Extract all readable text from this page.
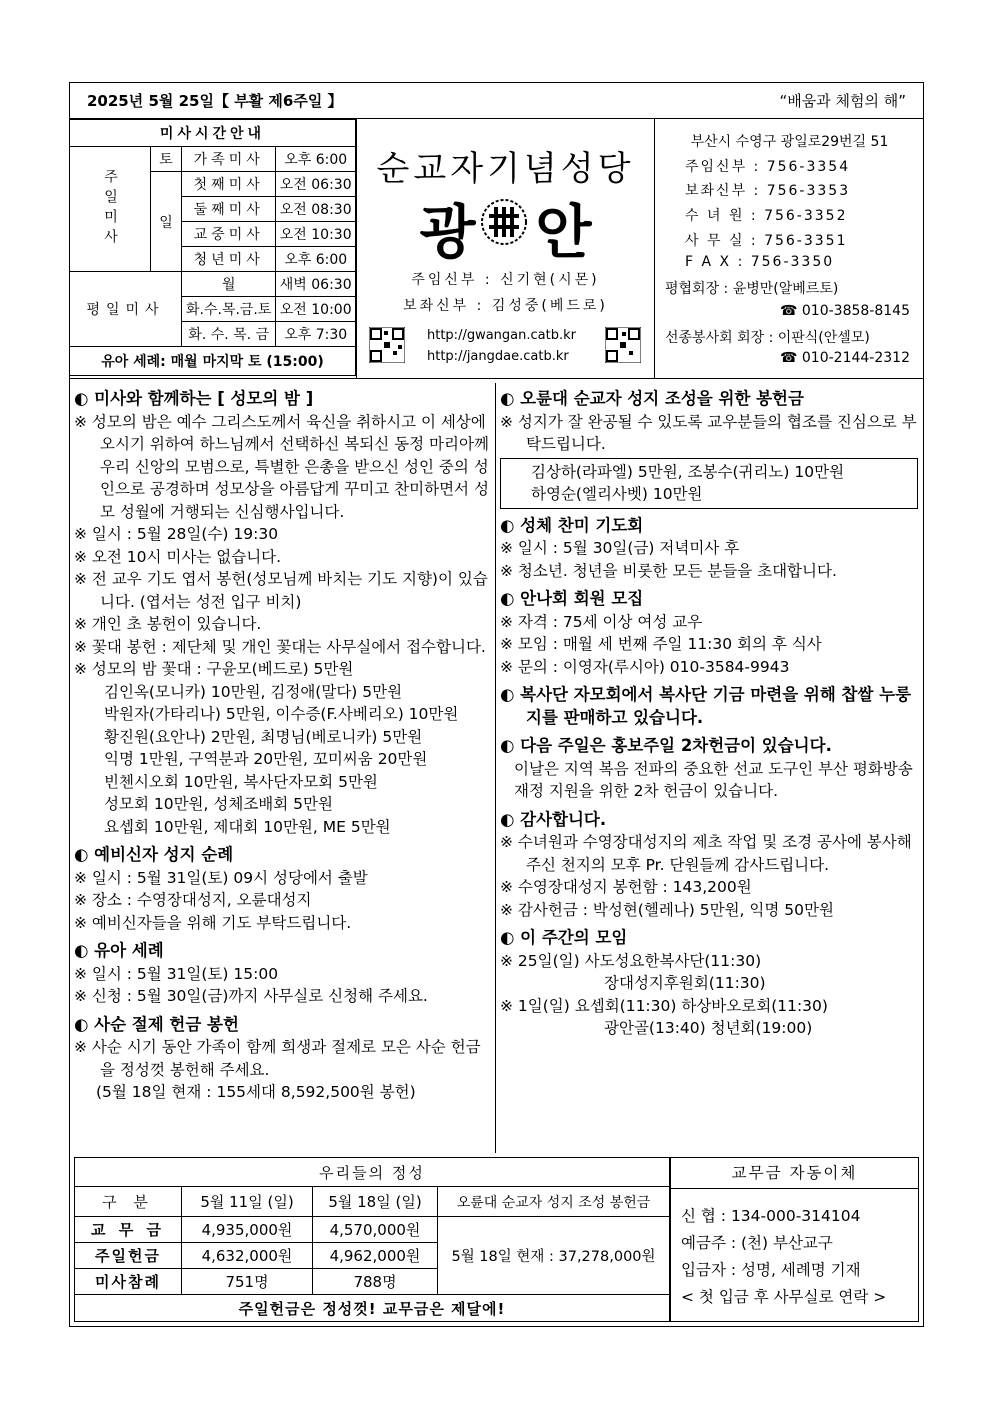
2025년 5월 25일【 부활 제6주일 】	“배움과 체험의 해”
미사시간안내			
주일미사	토	가족미사	오후 6:00
	일	첫째미사	오전 06:30
		둘째미사	오전 08:30
		교중미사	오전 10:30
		청년미사	오후 6:00
평일미사		월	새벽 06:30
		화.수.목.금.토	오전 10:00
		화. 수. 목. 금	오후 7:30
유아 세례: 매월 마지막 토 (15:00)			
순교자기념성당
광 안
주임신부 : 신기현(시몬)
보좌신부 : 김성중(베드로)
http://gwangan.catb.kr
http://jangdae.catb.kr
부산시 수영구 광일로29번길 51
주임신부 : 756-3354
보좌신부 : 756-3353
수 녀 원 : 756-3352
사 무 실 : 756-3351
F A X : 756-3350
평협회장 : 윤병만(알베르토)
☎ 010-3858-8145
선종봉사회 회장 : 이판식(안셀모)
☎ 010-2144-2312
◐ 미사와 함께하는 [ 성모의 밤 ]
※ 성모의 밤은 예수 그리스도께서 육신을 취하시고 이 세상에 오시기 위하여 하느님께서 선택하신 복되신 동정 마리아께 우리 신앙의 모범으로, 특별한 은총을 받으신 성인 중의 성인으로 공경하며 성모상을 아름답게 꾸미고 찬미하면서 성모 성월에 거행되는 신심행사입니다.
※ 일시 : 5월 28일(수) 19:30
※ 오전 10시 미사는 없습니다.
※ 전 교우 기도 엽서 봉헌(성모님께 바치는 기도 지향)이 있습니다. (엽서는 성전 입구 비치)
※ 개인 초 봉헌이 있습니다.
※ 꽃대 봉헌 : 제단체 및 개인 꽃대는 사무실에서 접수합니다.
※ 성모의 밤 꽃대 : 구윤모(베드로) 5만원
김인옥(모니카) 10만원, 김정애(말다) 5만원
박원자(가타리나) 5만원, 이수증(F.사베리오) 10만원
황진원(요안나) 2만원, 최명님(베로니카) 5만원
익명 1만원, 구역분과 20만원, 꼬미씨움 20만원
빈첸시오회 10만원, 복사단자모회 5만원
성모회 10만원, 성체조배회 5만원
요셉회 10만원, 제대회 10만원, ME 5만원
◐ 예비신자 성지 순례
※ 일시 : 5월 31일(토) 09시 성당에서 출발
※ 장소 : 수영장대성지, 오륜대성지
※ 예비신자들을 위해 기도 부탁드립니다.
◐ 유아 세례
※ 일시 : 5월 31일(토) 15:00
※ 신청 : 5월 30일(금)까지 사무실로 신청해 주세요.
◐ 사순 절제 헌금 봉헌
※ 사순 시기 동안 가족이 함께 희생과 절제로 모은 사순 헌금을 정성껏 봉헌해 주세요.
(5월 18일 현재 : 155세대 8,592,500원 봉헌)
◐ 오륜대 순교자 성지 조성을 위한 봉헌금
※ 성지가 잘 완공될 수 있도록 교우분들의 협조를 진심으로 부탁드립니다.
김상하(라파엘) 5만원, 조봉수(귀리노) 10만원
하영순(엘리사벳) 10만원
◐ 성체 찬미 기도회
※ 일시 : 5월 30일(금) 저녁미사 후
※ 청소년. 청년을 비롯한 모든 분들을 초대합니다.
◐ 안나회 회원 모집
※ 자격 : 75세 이상 여성 교우
※ 모임 : 매월 세 번째 주일 11:30 회의 후 식사
※ 문의 : 이영자(루시아) 010-3584-9943
◐ 복사단 자모회에서 복사단 기금 마련을 위해 찹쌀 누룽지를 판매하고 있습니다.
◐ 다음 주일은 홍보주일 2차헌금이 있습니다.
이날은 지역 복음 전파의 중요한 선교 도구인 부산 평화방송 재정 지원을 위한 2차 헌금이 있습니다.
◐ 감사합니다.
※ 수녀원과 수영장대성지의 제초 작업 및 조경 공사에 봉사해 주신 천지의 모후 Pr. 단원들께 감사드립니다.
※ 수영장대성지 봉헌함 : 143,200원
※ 감사헌금 : 박성현(헬레나) 5만원, 익명 50만원
◐ 이 주간의 모임
※ 25일(일) 사도성요한복사단(11:30)
장대성지후원회(11:30)
※ 1일(일) 요셉회(11:30) 하상바오로회(11:30)
광안골(13:40) 청년회(19:00)
우리들의 정성			
구 분	5월 11일 (일)	5월 18일 (일)	오륜대 순교자 성지 조성 봉헌금
교 무 금	4,935,000원	4,570,000원	5월 18일 현재 : 37,278,000원
주일헌금	4,632,000원	4,962,000원	
미사참례	751명	788명	
주일헌금은 정성껏! 교무금은 제달에!			
교무금 자동이체
신 협 : 134-000-314104
예금주 : (천) 부산교구
입금자 : 성명, 세례명 기재
< 첫 입금 후 사무실로 연락 >
